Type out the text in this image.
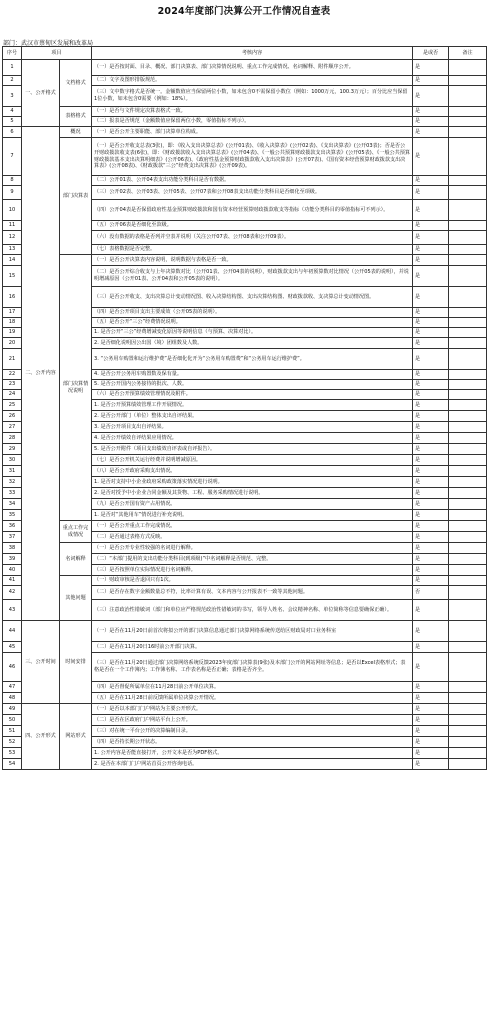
2024年度部门决算公开工作情况自查表
部门：武汉市蔡甸区发展和改革局
序号	项目		考核内容	是或否	备注
1	一、公开格式	文档格式	（一）是否按封面、目录、概况、部门决算表、部门决算情况说明、重点工作完成情况、名词解释、附件顺序公开。	是	
2			（二）文字及图形排版规范。	是	
3			（三）文中数字格式是否统一。金额数值应当保留两位小数，如未包含0不需保留小数位（例如：1000万元，100.3万元）；百分比应当保留1位小数，如未包含0需要（例如：18%）。	是	
4		表格格式	（一）是否与文件规定决算表格式一致。	是	
5			（二）报表是否规范（金额数值应保留两位小数，零值指标不列示）。	是	
6	二、公开内容	概况	（一）是否公开主要职能、部门决算单位构成。	是	
7		部门决算表	（一）是否公开收支总表(3张)，即：《收入支出决算总表》(公开01表)、《收入决算表》(公开02表)、《支出决算表》(公开03表)；否是否公开财政拨款收支表(6张)，即：《财政拨款收入支出决算总表》(公开04表)、《一般公共预算财政拨款支出决算表》(公开05表)、《一般公共预算财政拨款基本支出决算明细表》(公开06表)、《政府性基金预算财政拨款收入支出决算表》(公开07表)、《国有资本经营预算财政拨款支出决算表》(公开08表)、《财政拨款“三公”经费支出决算表》(公开09表)。	是	
8			（二）公开01表、公开04表支出功能分类科目是否有数据。	是	
9			（三）公开02表、公开03表、公开05表、公开07表和公开08表支出功能分类科目是否细化至项级。	是	
10			（四）公开04表是否保留政府性基金预算财政拨款和国有资本经营预算财政拨款收支等指标（功能分类科目的零值指标可不列示）。	是	
11			（五）公开06表是否细化至款级。	是	
12			（六）没有数据的表格是否列并空表并说明（关注公开07表、公开08表和公开09表）。	是	
13			（七）表格数据是否完整。	是	
14		部门决算情况说明	（一）是否公开决算表内容说明，说明数据与表格是否一致。	是	
15			（二）是否公开综合收支与上年决算数对比（公开01表、公开04表的说明），财政拨款支出与年初预算数对比情况（公开05表的说明），并说明增减原因（公开01表、公开04表和公开05表的说明）。	是	
16			（三）是否公开收支、支出决算总计变动情况图、收入决算结构图、支出决算结构图、财政拨款收、支决算总计变动情况图。	是	
17			（四）是否公开项目支出主要成效（公开05表的说明）。	是	
18			（五）是否公开“三公”经费情况说明。	是	
19			1. 是否公开“三公”经费增减变化原因等说明信息（与预算、决算对比）。	是	
20			2. 是否细化说明因公出国（境）团组数及人数。	是	
21			3. “公务用车购置和运行维护费”是否细化化开为“公务用车购置费”和“公务用车运行维护费”。	是	
22			4. 是否公开公务用车购置数及保有量。	是	
23			5. 是否公开国内公务接待的批次、人数。	是	
24			（六）是否公开预算绩效管理情况及附件。	是	
25			1. 是否公开预算绩效管理工作开展情况。	是	
26			2. 是否公开部门（单位）整体支出自评结果。	是	
27			3. 是否公开项目支出自评结果。	是	
28			4. 是否公开绩效自评结果应用情况。	是	
29			5. 是否公开附件（项目支出绩效自评表或自评报告）。	是	
30			（七）是否公开机关运行经费并说明增减原因。	是	
31			（八）是否公开政府采购支出情况。	是	
32			1. 是否对支持中小企业政府采购政策落实情况进行说明。	是	
33			2. 是否对授予中小企业合同金额及其货物、工程、服务采购情况进行说明。	是	
34			（九）是否公开国有资产占用情况。	是	
35			1. 是否对“其他用车”情况进行补充说明。	是	
36		重点工作完成情况	（一）是否公开重点工作完成情况。	是	
37			（二）是否通过表格方式反映。	是	
38		名词解释	（一）是否公开专业性较强的名词进行解释。	是	
39			（二）“本部门提用的支出功能分类科目(到项级)”中名词解释是否规范、完整。	是	
40			（三）是否按照单位实际情况进行名词解释。	是	
41		其他问题	（一）财政审核是否退回只有1次。	是	
42			（二）是否存在数字金额数量总不符，比率计算有误、文本内容与公开报表不一致等其他问题。	否	
43			（三）注意政治性错敏词（部门和单位应严格规范政治性错敏词的书写，领导人姓名、会议精神名称、单位简称等信息要确保正确）。	是	
44	三、公开时间	时间安排	（一）是否在11月20日前首次将拟公开的部门决算信息通过部门决算网络系统传送给区财政局对口业务科室	是	
45			（二）是否在11月20日16时前公开部门决算。	是	
46			（三）是否在11月20日通过部门决算网络系统反馈2023年度部门决算表(9张)及本部门公开的网站网址等信息；是否以Excel表格形式；表格是否在一个工作簿内；工作簿名称、工作表名称是否正确；表格是否齐全。	是	
47			（四）是否督促所属单位在11月28日前公开单位决算。	是	
48			（五）是否在11月28日前反馈所属单位决算公开情况。	是	
49	四、公开形式	网站形式	（一）是否以本部门门户网站为主要公开形式。	是	
50			（二）是否在区政府门户网站平台上公开。	是	
51			（三）对在统一平台公开的决算编制目录。	是	
52			（四）是否持长期公开状态。	是	
53			1. 公开内容是否能直接打开，公开文本是否为PDF格式。	是	
54			2. 是否在本部门门户网站首页公开咨询电话。	是	
